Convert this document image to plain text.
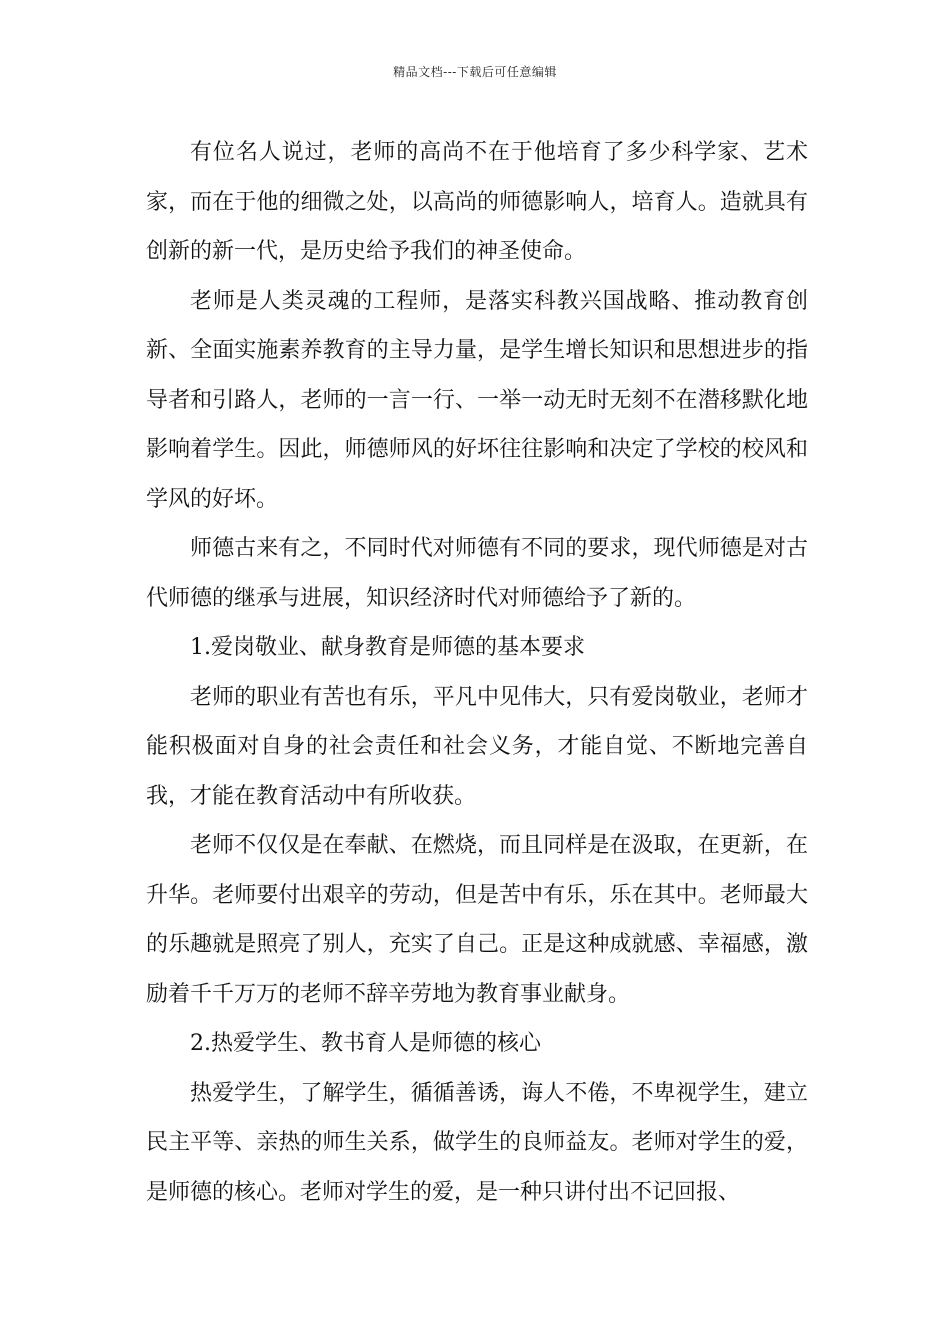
精品文档---下载后可任意编辑

有位名人说过，老师的高尚不在于他培育了多少科学家、艺术家，而在于他的细微之处，以高尚的师德影响人，培育人。造就具有创新的新一代，是历史给予我们的神圣使命。

老师是人类灵魂的工程师，是落实科教兴国战略、推动教育创新、全面实施素养教育的主导力量，是学生增长知识和思想进步的指导者和引路人，老师的一言一行、一举一动无时无刻不在潜移默化地影响着学生。因此，师德师风的好坏往往影响和决定了学校的校风和学风的好坏。

师德古来有之，不同时代对师德有不同的要求，现代师德是对古代师德的继承与进展，知识经济时代对师德给予了新的。

1.爱岗敬业、献身教育是师德的基本要求

老师的职业有苦也有乐，平凡中见伟大，只有爱岗敬业，老师才能积极面对自身的社会责任和社会义务，才能自觉、不断地完善自我，才能在教育活动中有所收获。

老师不仅仅是在奉献、在燃烧，而且同样是在汲取，在更新，在升华。老师要付出艰辛的劳动，但是苦中有乐，乐在其中。老师最大的乐趣就是照亮了别人，充实了自己。正是这种成就感、幸福感，激励着千千万万的老师不辞辛劳地为教育事业献身。

2.热爱学生、教书育人是师德的核心

热爱学生，了解学生，循循善诱，诲人不倦，不卑视学生，建立民主平等、亲热的师生关系，做学生的良师益友。老师对学生的爱，是师德的核心。老师对学生的爱，是一种只讲付出不记回报、
